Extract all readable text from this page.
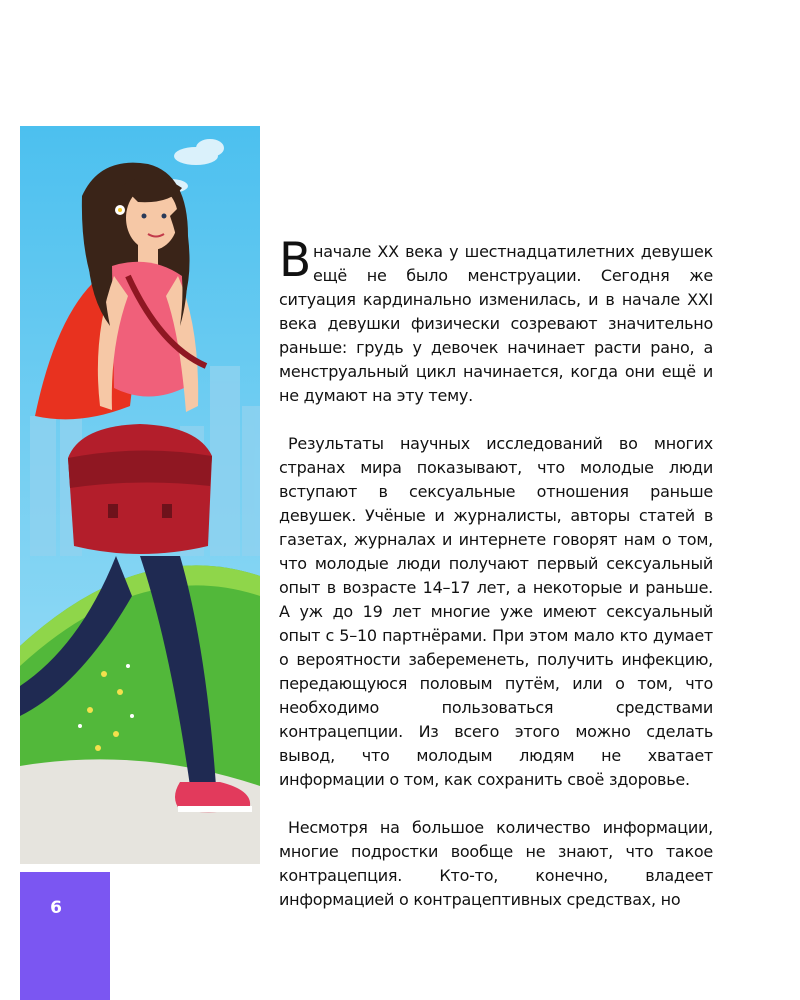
Вначале XX века у шестнадцатилетних девушек ещё не было менструации. Сегодня же ситуация кардинально изменилась, и в начале XXI века девушки физически созревают значительно раньше: грудь у девочек начинает расти рано, а менструальный цикл начинается, когда они ещё и не думают на эту тему.

Результаты научных исследований во многих странах мира показывают, что молодые люди вступают в сексуальные отношения раньше девушек. Учёные и журналисты, авторы статей в газетах, журналах и интернете говорят нам о том, что молодые люди получают первый сексуальный опыт в возрасте 14–17 лет, а некоторые и раньше. А уж до 19 лет многие уже имеют сексуальный опыт с 5–10 партнёрами. При этом мало кто думает о вероятности забеременеть, получить инфекцию, передающуюся половым путём, или о том, что необходимо пользоваться средствами контрацепции. Из всего этого можно сделать вывод, что молодым людям не хватает информации о том, как сохранить своё здоровье.

Несмотря на большое количество информации, многие подростки вообще не знают, что такое контрацепция. Кто-то, конечно, владеет информацией о контрацептивных средствах, но

6
